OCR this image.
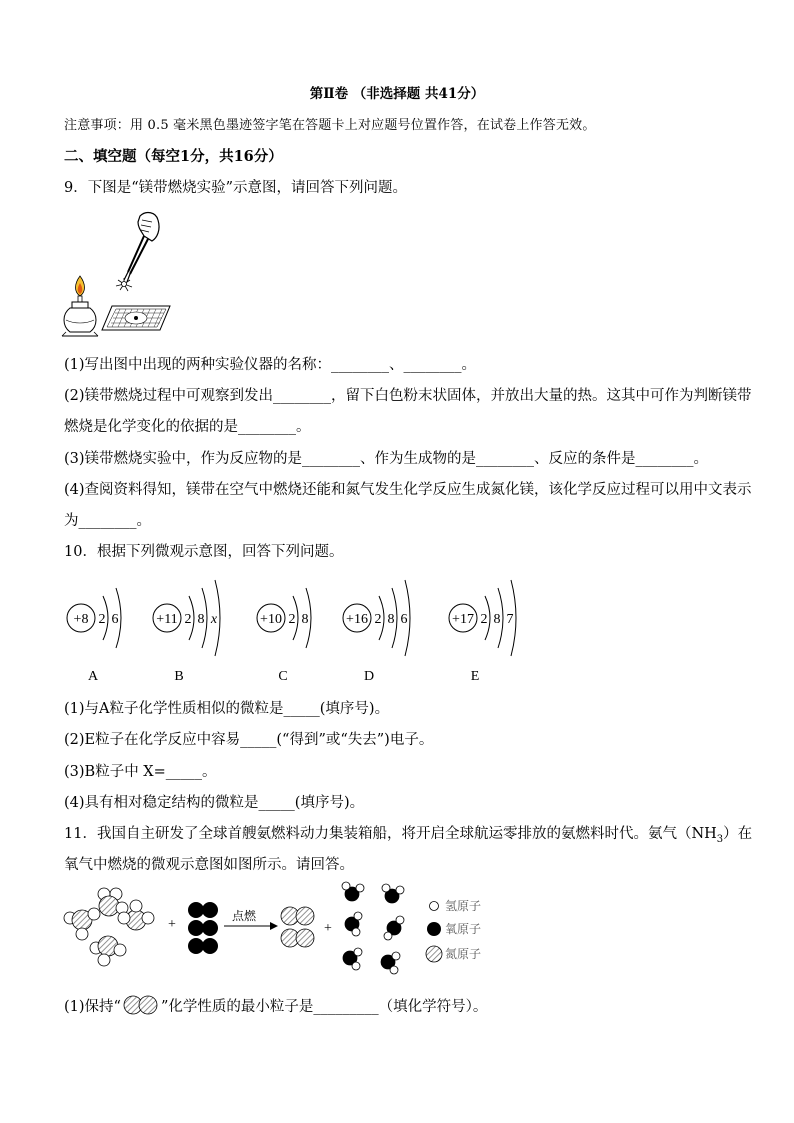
第Ⅱ卷 （非选择题 共41分）
注意事项：用 0.5 毫米黑色墨迹签字笔在答题卡上对应题号位置作答，在试卷上作答无效。
二、填空题（每空1分，共16分）
9．下图是“镁带燃烧实验”示意图，请回答下列问题。
(1)写出图中出现的两种实验仪器的名称：________、________。
(2)镁带燃烧过程中可观察到发出________，留下白色粉末状固体，并放出大量的热。这其中可作为判断镁带
燃烧是化学变化的依据的是________。
(3)镁带燃烧实验中，作为反应物的是________、作为生成物的是________、反应的条件是________。
(4)查阅资料得知，镁带在空气中燃烧还能和氮气发生化学反应生成氮化镁，该化学反应过程可以用中文表示
为________。
10．根据下列微观示意图，回答下列问题。
+8 2 6
A
+11 2 8 x
B
+10 2 8
C
+16 2 8 6
D
+17 2 8 7
E
(1)与A粒子化学性质相似的微粒是_____(填序号)。
(2)E粒子在化学反应中容易_____(“得到”或“失去”)电子。
(3)B粒子中 X=_____。
(4)具有相对稳定结构的微粒是_____(填序号)。
11．我国自主研发了全球首艘氨燃料动力集装箱船，将开启全球航运零排放的氨燃料时代。氨气$(NH_3)$在
氧气中燃烧的微观示意图如图所示。请回答。
+
点燃
+
氢原子
氧原子
氮原子
(1)保持“	”化学性质的最小粒子是_________（填化学符号）。
